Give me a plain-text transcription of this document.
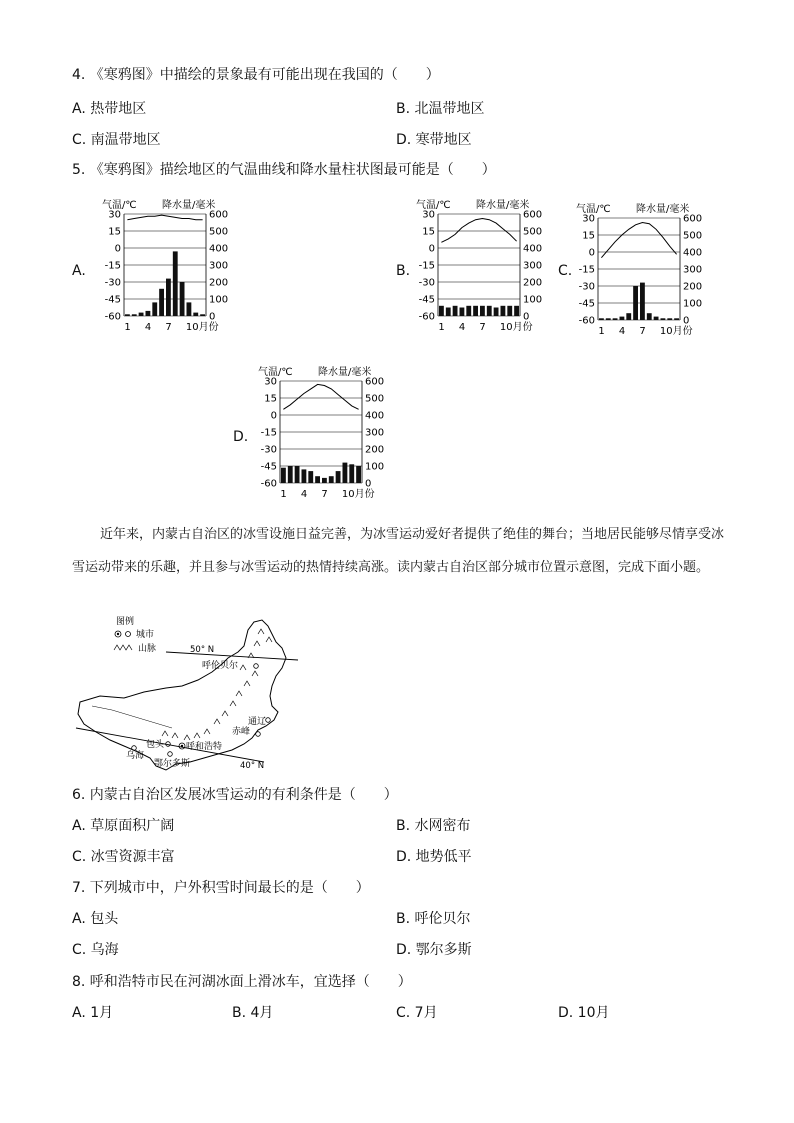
4. 《寒鸦图》中描绘的景象最有可能出现在我国的（　　）
A. 热带地区	B. 北温带地区
C. 南温带地区	D. 寒带地区
5. 《寒鸦图》描绘地区的气温曲线和降水量柱状图最可能是（　　）
A.	B.	C.
D.
气温/℃	降水量/毫米
30	600
15	500
0	400
-15	300
-30	200
-45	100
-60	0
1 4 7 10月份
气温/℃	降水量/毫米
30	600
15	500
0	400
-15	300
-30	200
-45	100
-60	0
1 4 7 10月份
气温/℃	降水量/毫米
30	600
15	500
0	400
-15	300
-30	200
-45	100
-60	0
1 4 7 10月份
气温/℃	降水量/毫米
30	600
15	500
0	400
-15	300
-30	200
-45	100
-60	0
1 4 7 10月份
近年来，内蒙古自治区的冰雪设施日益完善，为冰雪运动爱好者提供了绝佳的舞台；当地居民能够尽情享受冰雪运动带来的乐趣，并且参与冰雪运动的热情持续高涨。读内蒙古自治区部分城市位置示意图，完成下面小题。
图例
城市
山脉	50° N
40° N
呼伦贝尔
通辽
赤峰
包头 呼和浩特
乌海
鄂尔多斯
6. 内蒙古自治区发展冰雪运动的有利条件是（　　）
A. 草原面积广阔	B. 水网密布
C. 冰雪资源丰富	D. 地势低平
7. 下列城市中，户外积雪时间最长的是（　　）
A. 包头	B. 呼伦贝尔
C. 乌海	D. 鄂尔多斯
8. 呼和浩特市民在河湖冰面上滑冰车，宜选择（　　）
A. 1月	B. 4月	C. 7月	D. 10月
